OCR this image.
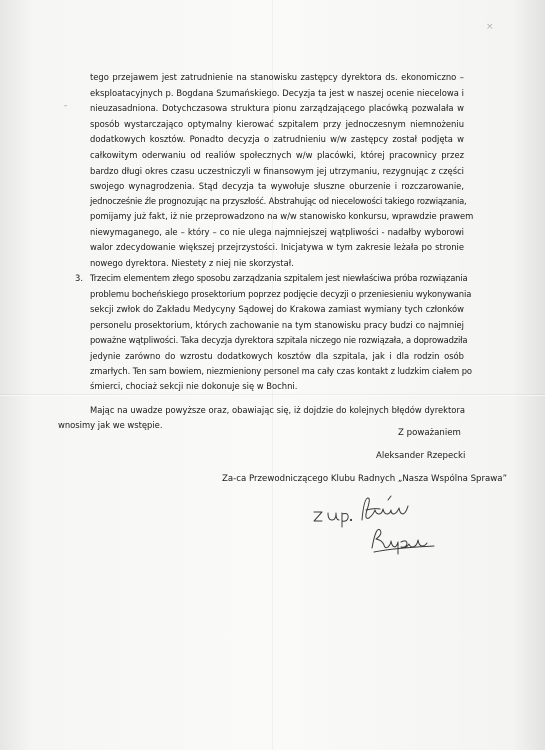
×
-
tego przejawem jest zatrudnienie na stanowisku zastępcy dyrektora ds. ekonomiczno –
eksploatacyjnych p. Bogdana Szumańskiego. Decyzja ta jest w naszej ocenie niecelowa i
nieuzasadniona. Dotychczasowa struktura pionu zarządzającego placówką pozwalała w
sposób wystarczająco optymalny kierować szpitalem przy jednoczesnym niemnożeniu
dodatkowych kosztów. Ponadto decyzja o zatrudnieniu w/w zastępcy został podjęta w
całkowitym oderwaniu od realiów społecznych w/w placówki, której pracownicy przez
bardzo długi okres czasu uczestniczyli w finansowym jej utrzymaniu, rezygnując z części
swojego wynagrodzenia. Stąd decyzja ta wywołuje słuszne oburzenie i rozczarowanie,
jednocześnie źle prognozując na przyszłość. Abstrahując od niecelowości takiego rozwiązania,
pomijamy już fakt, iż nie przeprowadzono na w/w stanowisko konkursu, wprawdzie prawem
niewymaganego, ale – który – co nie ulega najmniejszej wątpliwości - nadałby wyborowi
walor zdecydowanie większej przejrzystości. Inicjatywa w tym zakresie leżała po stronie
nowego dyrektora. Niestety z niej nie skorzystał.
3. Trzecim elementem złego sposobu zarządzania szpitalem jest niewłaściwa próba rozwiązania
problemu bocheńskiego prosektorium poprzez podjęcie decyzji o przeniesieniu wykonywania
sekcji zwłok do Zakładu Medycyny Sądowej do Krakowa zamiast wymiany tych członków
personelu prosektorium, których zachowanie na tym stanowisku pracy budzi co najmniej
poważne wątpliwości. Taka decyzja dyrektora szpitala niczego nie rozwiązała, a doprowadziła
jedynie zarówno do wzrostu dodatkowych kosztów dla szpitala, jak i dla rodzin osób
zmarłych. Ten sam bowiem, niezmieniony personel ma cały czas kontakt z ludzkim ciałem po
śmierci, chociaż sekcji nie dokonuje się w Bochni.
Mając na uwadze powyższe oraz, obawiając się, iż dojdzie do kolejnych błędów dyrektora
wnosimy jak we wstępie.
Z poważaniem
Aleksander Rzepecki
Za-ca Przewodniczącego Klubu Radnych „Nasza Wspólna Sprawa”
z up.
